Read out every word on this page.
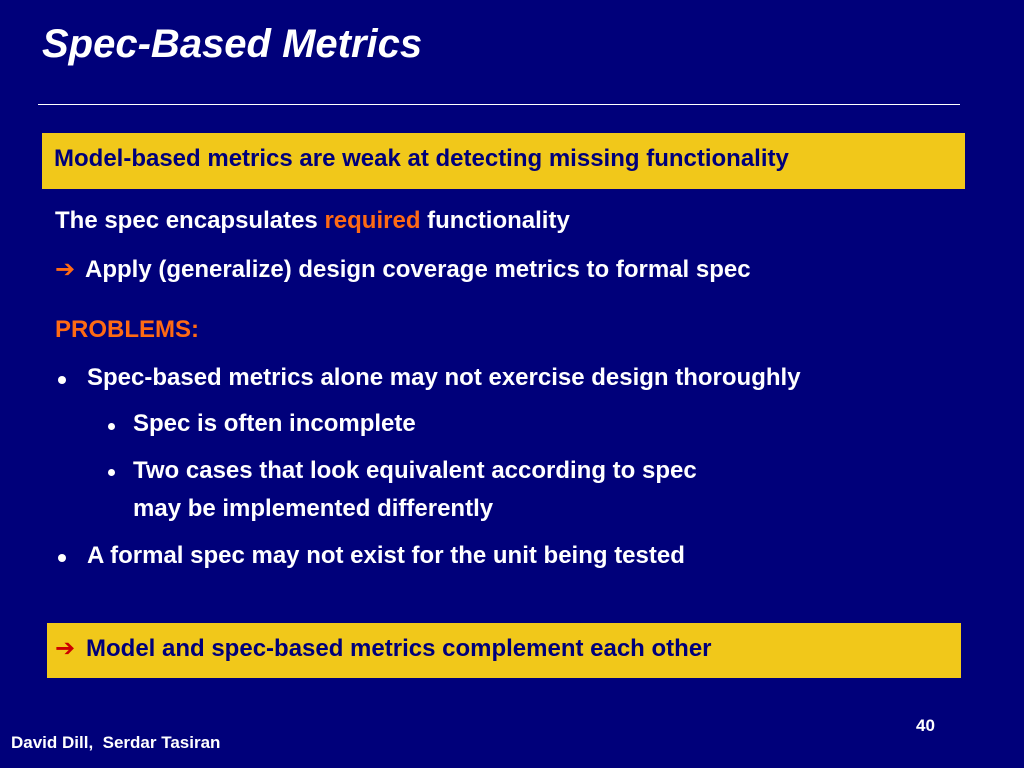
Spec-Based Metrics
Model-based metrics are weak at detecting missing functionality
The spec encapsulates required functionality
➔ Apply (generalize) design coverage metrics to formal spec
PROBLEMS:
Spec-based metrics alone may not exercise design thoroughly
Spec is often incomplete
Two cases that look equivalent according to spec
may be implemented differently
A formal spec may not exist for the unit being tested
➔ Model and spec-based metrics complement each other
40
David Dill,  Serdar Tasiran
